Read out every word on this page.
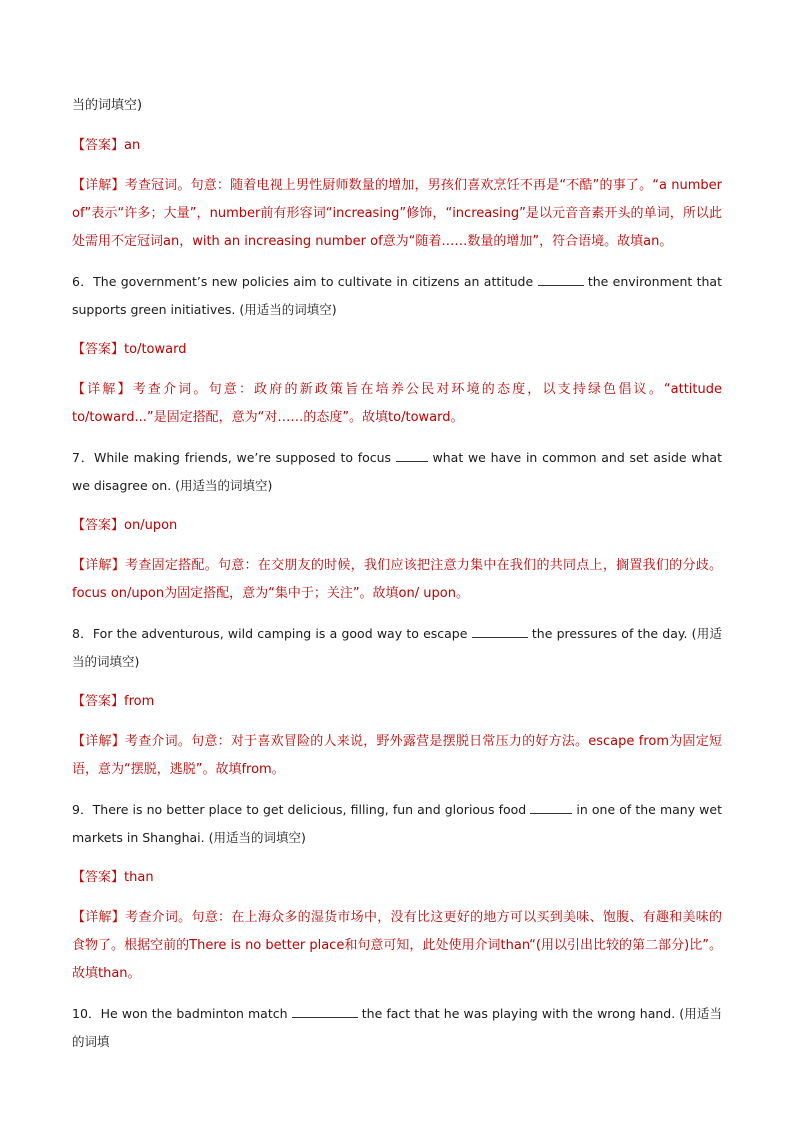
当的词填空)
【答案】an
【详解】考查冠词。句意：随着电视上男性厨师数量的增加，男孩们喜欢烹饪不再是“不酷”的事了。“a number of”表示“许多；大量”，number前有形容词“increasing”修饰，“increasing”是以元音音素开头的单词，所以此处需用不定冠词an，with an increasing number of意为“随着……数量的增加”，符合语境。故填an。
6．The government’s new policies aim to cultivate in citizens an attitude	the environment that supports green initiatives. (用适当的词填空)
【答案】to/toward
【详解】考查介词。句意：政府的新政策旨在培养公民对环境的态度，以支持绿色倡议。“attitude to/toward...”是固定搭配，意为“对……的态度”。故填to/toward。
7．While making friends, we’re supposed to focus	what we have in common and set aside what we disagree on. (用适当的词填空)
【答案】on/upon
【详解】考查固定搭配。句意：在交朋友的时候，我们应该把注意力集中在我们的共同点上，搁置我们的分歧。focus on/upon为固定搭配，意为“集中于；关注”。故填on/ upon。
8．For the adventurous, wild camping is a good way to escape	the pressures of the day. (用适当的词填空)
【答案】from
【详解】考查介词。句意：对于喜欢冒险的人来说，野外露营是摆脱日常压力的好方法。escape from为固定短语，意为“摆脱，逃脱”。故填from。
9．There is no better place to get delicious, filling, fun and glorious food	in one of the many wet markets in Shanghai. (用适当的词填空)
【答案】than
【详解】考查介词。句意：在上海众多的湿货市场中，没有比这更好的地方可以买到美味、饱腹、有趣和美味的食物了。根据空前的There is no better place和句意可知，此处使用介词than“(用以引出比较的第二部分)比”。故填than。
10．He won the badminton match	the fact that he was playing with the wrong hand. (用适当的词填
